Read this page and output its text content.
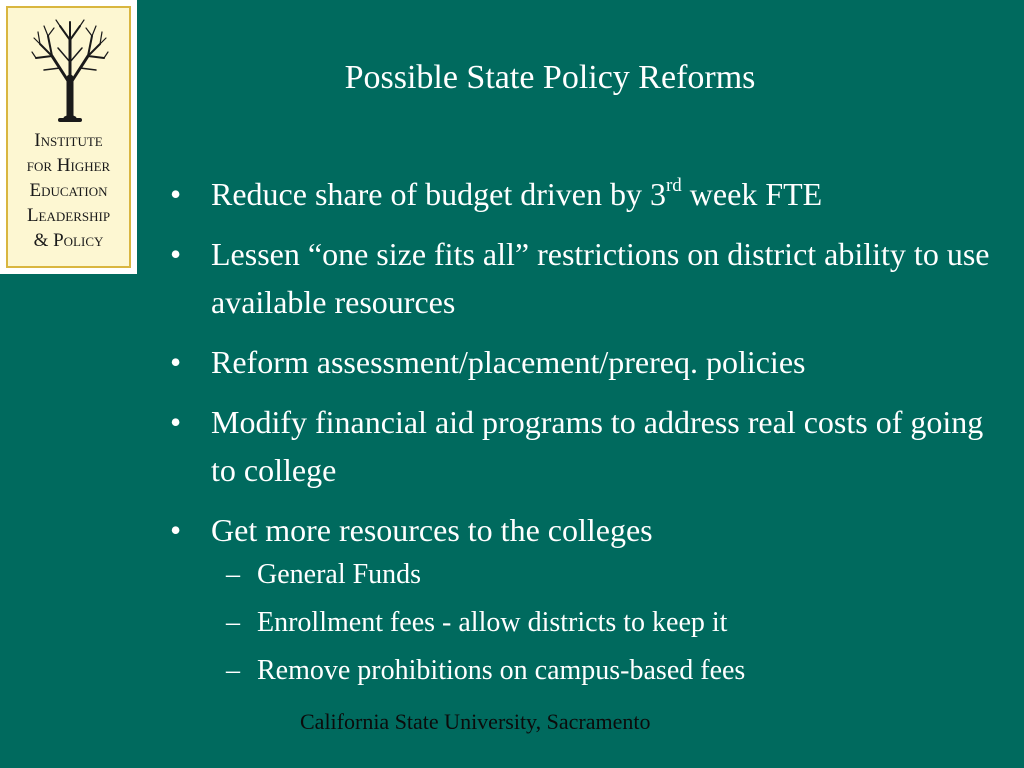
Institute
for Higher
Education
Leadership
& Policy
Possible State Policy Reforms
• Reduce share of budget driven by 3rd week FTE
• Lessen “one size fits all” restrictions on district ability to use available resources
• Reform assessment/placement/prereq. policies
• Modify financial aid programs to address real costs of going to college
• Get more resources to the colleges
– General Funds
– Enrollment fees - allow districts to keep it
– Remove prohibitions on campus-based fees
California State University, Sacramento
